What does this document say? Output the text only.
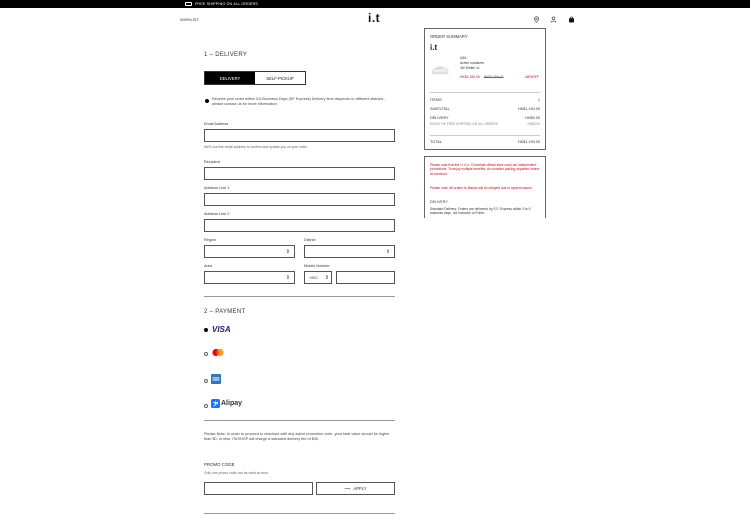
FREE SHIPPING ON ALL ORDERS
WISHLIST	i.t
1 – DELIVERY
DELIVERY	SELF-PICKUP
Receive your order within 3-5 Business Days (SF Express) Delivery time depends on different districts , please contact us for more information.
Email Address
We'll use this email address to confirm and update you on your order.
Recipient
Address Line 1
Address Line 2
Region
⇕
District
⇕
Area
⇕
Mobile Number
+852 ⇕
2 – PAYMENT
VISA
Alipay
Please Note: In order to proceed to checkout with any active promotion code, your total value should be higher than $0, or else, ITeSHOP will charge a standard delivery fee of $30.
PROMO CODE
Only one promo code can be used at once.
⟶ APPLY
ORDER SUMMARY
i.t
A&K
Active sneakers
36/ White/ x1
HK$1,190.00 HK$2,299.00	-48%OFF
ITEMS	1
SUBTOTAL	HK$1,190.00
DELIVERY	HK$0.00
ENJOY HK FREE SHIPPING ON ALL ORDERS	-HK$0.00
TOTAL	HK$1,190.00
Please note that the i.t i.t.s. Chocolate official sites carry out independent promotions. To enjoy multiple benefits, do consider placing separate orders at checkout.
Please note: All orders to Macau will be delayed due to system issues.
DELIVERY
Standard Delivery: Orders are delivered by S.F. Express within 3 to 5 business days, not inclusive of Public
